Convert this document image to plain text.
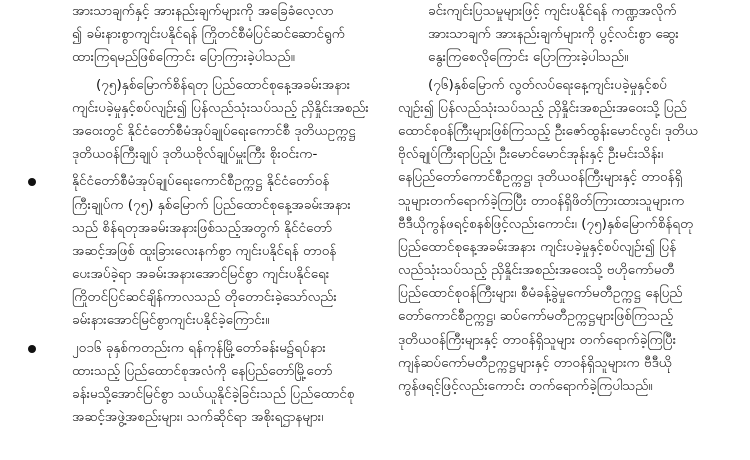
အားသာချက်နှင့် အားနည်းချက်များကို အခြေခံလေ့လာ
၍ ခမ်းနားစွာကျင်းပနိုင်ရန် ကြိုတင်စီမံပြင်ဆင်ဆောင်ရွက်
ထားကြရမည်ဖြစ်ကြောင်း ပြောကြားခဲ့ပါသည်။
(၇၅)နှစ်မြောက်စိန်ရတု ပြည်ထောင်စုနေ့အခမ်းအနား
ကျင်းပခဲ့မှုနှင့်စပ်လျဉ်း၍ ပြန်လည်သုံးသပ်သည့် ညှိနှိုင်းအစည်း
အဝေးတွင် နိုင်ငံတော်စီမံအုပ်ချုပ်ရေးကောင်စီ ဒုတိယဥက္ကဋ္ဌ
ဒုတိယဝန်ကြီးချုပ် ဒုတိယဗိုလ်ချုပ်မှူးကြီး စိုးဝင်းက-
နိုင်ငံတော်စီမံအုပ်ချုပ်ရေးကောင်စီဥက္ကဋ္ဌ နိုင်ငံတော်ဝန်
ကြီးချုပ်က (၇၅) နှစ်မြောက် ပြည်ထောင်စုနေ့အခမ်းအနား
သည် စိန်ရတုအခမ်းအနားဖြစ်သည့်အတွက် နိုင်ငံတော်
အဆင့်အဖြစ် ထူးခြားလေးနက်စွာ ကျင်းပနိုင်ရန် တာဝန်
ပေးအပ်ခဲ့ရာ အခမ်းအနားအောင်မြင်စွာ ကျင်းပနိုင်ရေး
ကြိုတင်ပြင်ဆင်ချိန်ကာလသည် တိုတောင်းခဲ့သော်လည်း
ခမ်းနားအောင်မြင်စွာကျင်းပနိုင်ခဲ့ကြောင်း။
၂၀၁၆ ခုနှစ်ကတည်းက ရန်ကုန်မြို့တော်ခန်းမ၌ရပ်နား
ထားသည့် ပြည်ထောင်စုအလံကို နေပြည်တော်မြို့တော်
ခန်းမသို့အောင်မြင်စွာ သယ်ယူနိုင်ခဲ့ခြင်းသည် ပြည်ထောင်စု
အဆင့်အဖွဲ့အစည်းများ၊ သက်ဆိုင်ရာ အစိုးရဌာနများ၊
ခင်းကျင်းပြသမှုများဖြင့် ကျင်းပနိုင်ရန် ကဏ္ဍအလိုက်
အားသာချက် အားနည်းချက်များကို ပွင့်လင်းစွာ ဆွေး
နွေးကြစေလိုကြောင်း ပြောကြားခဲ့ပါသည်။
(၇၆)နှစ်မြောက် လွတ်လပ်ရေးနေ့ကျင်းပခဲ့မှုနှင့်စပ်
လျဉ်း၍ ပြန်လည်သုံးသပ်သည့် ညှိနှိုင်းအစည်းအဝေးသို့ ပြည်
ထောင်စုဝန်ကြီးများဖြစ်ကြသည့် ဦးဇော်ထွန်းမောင်လွင်၊ ဒုတိယ
ဗိုလ်ချုပ်ကြီးရာပြည့်၊ ဦးမောင်မောင်အုန်းနှင့် ဦးမင်းသိန်း၊
နေပြည်တော်ကောင်စီဥက္ကဋ္ဌ၊ ဒုတိယဝန်ကြီးများနှင့် တာဝန်ရှိ
သူများတက်ရောက်ခဲ့ကြပြီး တာဝန်ရှိဖိတ်ကြားထားသူများက
ဗီဒီယိုကွန်ဖရင့်စနစ်ဖြင့်လည်းကောင်း၊ (၇၅)နှစ်မြောက်စိန်ရတု
ပြည်ထောင်စုနေ့အခမ်းအနား ကျင်းပခဲ့မှုနှင့်စပ်လျဉ်း၍ ပြန်
လည်သုံးသပ်သည့် ညှိနှိုင်းအစည်းအဝေးသို့ ဗဟိုကော်မတီ
ပြည်ထောင်စုဝန်ကြီးများ၊ စီမံခန့်ခွဲမှုကော်မတီဥက္ကဋ္ဌ နေပြည်
တော်ကောင်စီဥက္ကဋ္ဌ၊ ဆပ်ကော်မတီဥက္ကဋ္ဌများဖြစ်ကြသည့်
ဒုတိယဝန်ကြီးများနှင့် တာဝန်ရှိသူများ တက်ရောက်ခဲ့ကြပြီး
ကျန်ဆပ်ကော်မတီဥက္ကဋ္ဌများနှင့် တာဝန်ရှိသူများက ဗီဒီယို
ကွန်ဖရင့်ဖြင့်လည်းကောင်း တက်ရောက်ခဲ့ကြပါသည်။
